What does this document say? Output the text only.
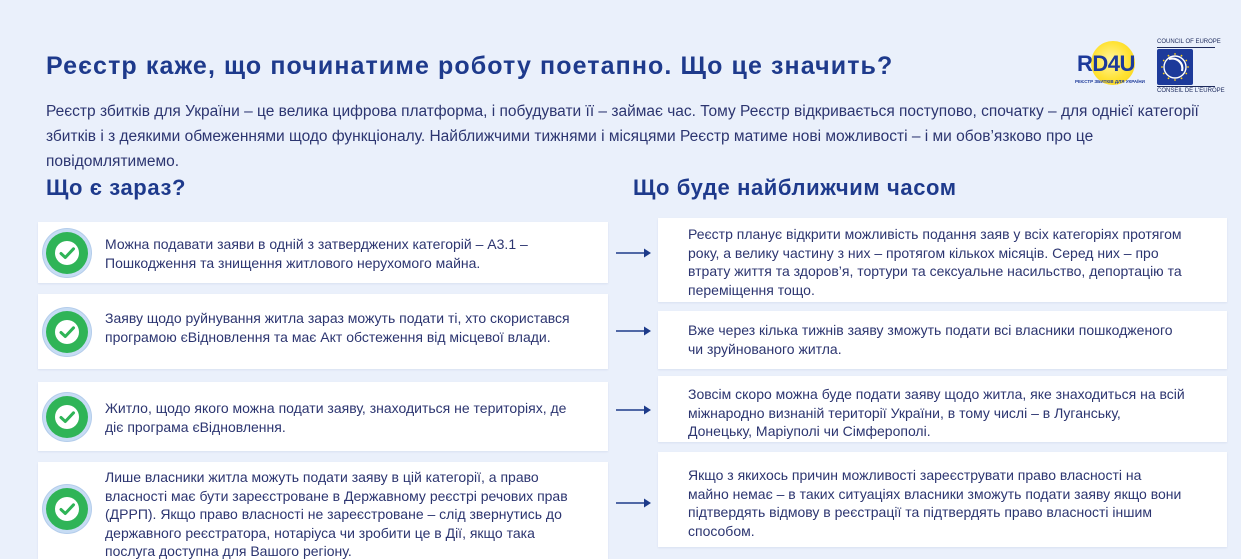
Реєстр каже, що починатиме роботу поетапно. Що це значить?
Реєстр збитків для України – це велика цифрова платформа, і побудувати її – займає час. Тому Реєстр відкривається поступово, спочатку – для однієї категорії збитків і з деякими обмеженнями щодо функціоналу. Найближчими тижнями і місяцями Реєстр матиме нові можливості – і ми обов’язково про це повідомлятимемо.
RD4U
РЕЄСТР ЗБИТКІВ ДЛЯ УКРАЇНИ
COUNCIL OF EUROPE
CONSEIL DE L'EUROPE
Що є зараз?	Що буде найближчим часом
Можна подавати заяви в одній з затверджених категорій – А3.1 –
Пошкодження та знищення житлового нерухомого майна.
Заяву щодо руйнування житла зараз можуть подати ті, хто скористався
програмою єВідновлення та має Акт обстеження від місцевої влади.
Житло, щодо якого можна подати заяву, знаходиться не територіях, де
діє програма єВідновлення.
Лише власники житла можуть подати заяву в цій категорії, а право
власності має бути зареєстроване в Державному реєстрі речових прав
(ДРРП). Якщо право власності не зареєстроване – слід звернутись до
державного реєстратора, нотаріуса чи зробити це в Дії, якщо така
послуга доступна для Вашого регіону.
Реєстр планує відкрити можливість подання заяв у всіх категоріях протягом
року, а велику частину з них – протягом кількох місяців. Серед них – про
втрату життя та здоров’я, тортури та сексуальне насильство, депортацію та
переміщення тощо.
Вже через кілька тижнів заяву зможуть подати всі власники пошкодженого
чи зруйнованого житла.
Зовсім скоро можна буде подати заяву щодо житла, яке знаходиться на всій
міжнародно визнаній території України, в тому числі – в Луганську,
Донецьку, Маріуполі чи Сімферополі.
Якщо з якихось причин можливості зареєструвати право власності на
майно немає – в таких ситуаціях власники зможуть подати заяву якщо вони
підтвердять відмову в реєстрації та підтвердять право власності іншим
способом.
